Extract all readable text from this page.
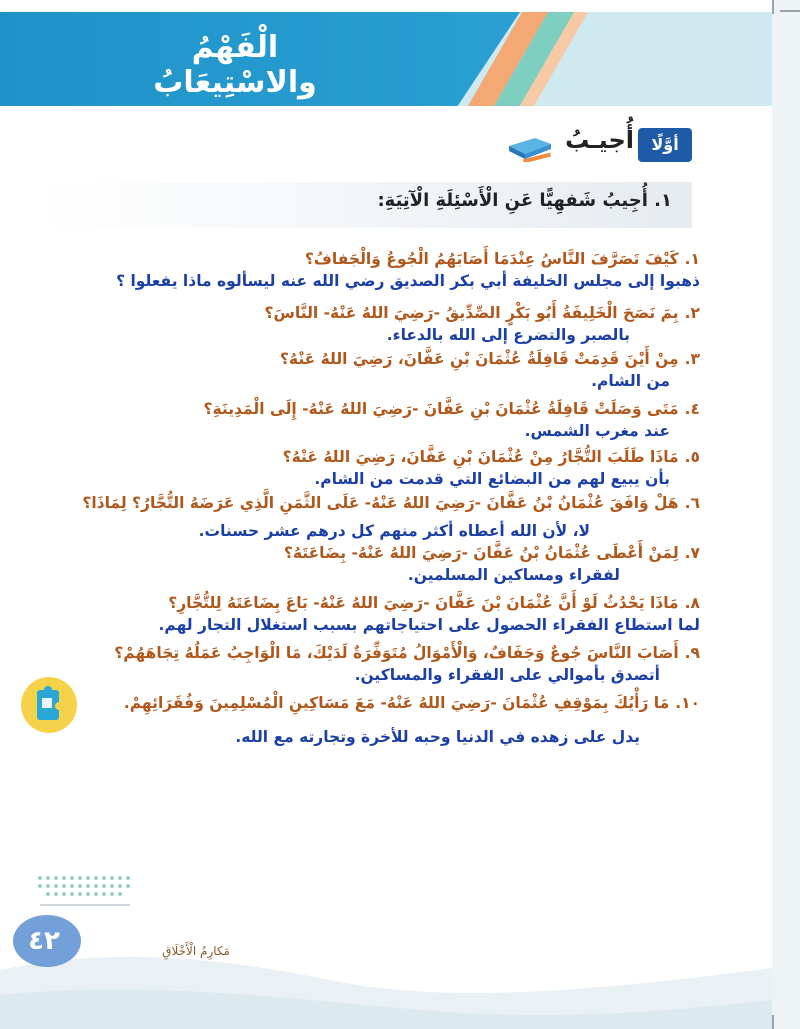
الْفَهْمُ والاسْتِيعَابُ
أوَّلًا
أُجيـبُ
١. أُجِيبُ شَفهِيًّا عَنِ الْأَسْئِلَةِ الْآتِيَةِ:
١.كَيْفَ تَصَرَّفَ النَّاسُ عِنْدَمَا أَصَابَهُمُ الْجُوعُ وَالْجَفافُ؟
ذهبوا إلى مجلس الخليفة أبي بكر الصديق رضي الله عنه ليسألوه ماذا يفعلوا ؟
٢.بِمَ نَصَحَ الْخَلِيفَةُ أَبُو بَكْرٍ الصِّدِّيقُ -رَضِيَ اللهُ عَنْهُ- النَّاسَ؟
بالصبر والتضرع إلى الله بالدعاء.
٣.مِنْ أَيْنَ قَدِمَتْ قَافِلَةُ عُثْمَانَ بْنِ عَفَّانَ، رَضِيَ اللهُ عَنْهُ؟
من الشام.
٤.مَتَى وَصَلَتْ قَافِلَةُ عُثْمَانَ بْنِ عَفَّانَ -رَضِيَ اللهُ عَنْهُ- إِلَى الْمَدِينَةِ؟
عند مغرب الشمس.
٥.مَاذَا طَلَبَ التُّجَّارُ مِنْ عُثْمَانَ بْنِ عَفَّانَ، رَضِيَ اللهُ عَنْهُ؟
بأن يبيع لهم من البضائع التي قدمت من الشام.
٦.هَلْ وَافَقَ عُثْمَانُ بْنُ عَفَّانَ -رَضِيَ اللهُ عَنْهُ- عَلَى الثَّمَنِ الَّذِي عَرَضَهُ التُّجَّارُ؟ لِمَاذَا؟
لا، لأن الله أعطاه أكثر منهم كل درهم عشر حسنات.
٧.لِمَنْ أَعْطَى عُثْمَانُ بْنُ عَفَّانَ -رَضِيَ اللهُ عَنْهُ- بِضَاعَتَهُ؟
لفقراء ومساكين المسلمين.
٨.مَاذَا يَحْدُثُ لَوْ أَنَّ عُثْمَانَ بْنَ عَفَّانَ -رَضِيَ اللهُ عَنْهُ- بَاعَ بِضَاعَتَهُ لِلتُّجَّارِ؟
لما استطاع الفقراء الحصول على احتياجاتهم بسبب استغلال التجار لهم.
٩.أَصَابَ النَّاسَ جُوعٌ وَجَفَافٌ، وَالْأَمْوَالُ مُتَوَفِّرَةٌ لَدَيْكَ، مَا الْوَاجِبُ عَمَلُهُ تِجَاهَهُمْ؟
أتصدق بأموالي على الفقراء والمساكين.
١٠.مَا رَأْيُكَ بِمَوْقِفِ عُثْمَانَ -رَضِيَ اللهُ عَنْهُ- مَعَ مَسَاكِينِ الْمُسْلِمِينَ وَفُقَرَائِهِمْ.
يدل على زهده في الدنيا وحبه للأخرة وتجارته مع الله.
٤٢	مَكارِمُ الْأَخْلَاقِ
